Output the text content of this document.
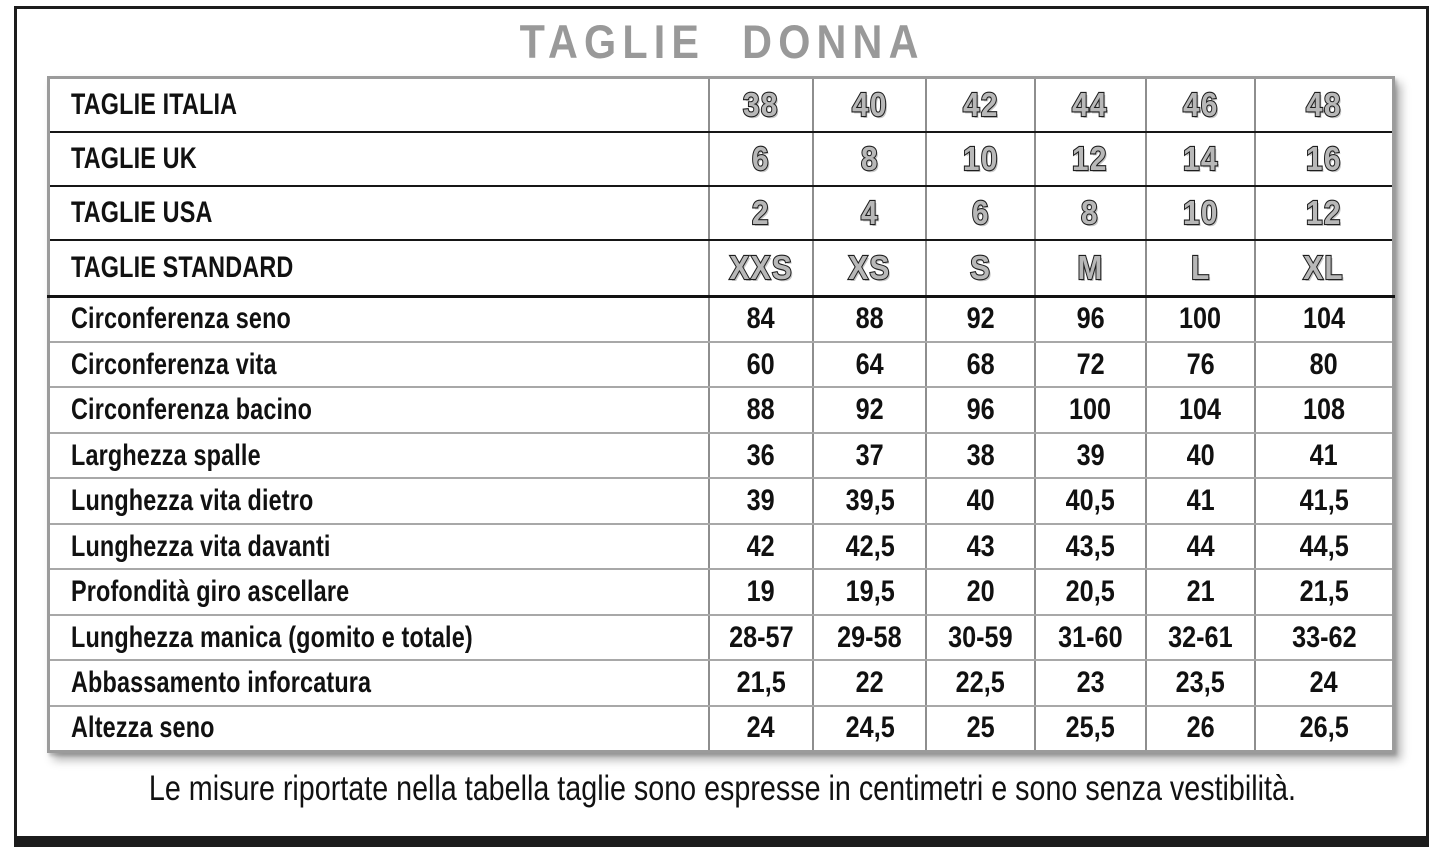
TAGLIE DONNA
TAGLIE ITALIA	38	40	42	44	46	48
TAGLIE UK	6	8	10	12	14	16
TAGLIE USA	2	4	6	8	10	12
TAGLIE STANDARD	XXS	XS	S	M	L	XL
Circonferenza seno	84	88	92	96	100	104
Circonferenza vita	60	64	68	72	76	80
Circonferenza bacino	88	92	96	100	104	108
Larghezza spalle	36	37	38	39	40	41
Lunghezza vita dietro	39	39,5	40	40,5	41	41,5
Lunghezza vita davanti	42	42,5	43	43,5	44	44,5
Profondità giro ascellare	19	19,5	20	20,5	21	21,5
Lunghezza manica (gomito e totale)	28-57	29-58	30-59	31-60	32-61	33-62
Abbassamento inforcatura	21,5	22	22,5	23	23,5	24
Altezza seno	24	24,5	25	25,5	26	26,5

Le misure riportate nella tabella taglie sono espresse in centimetri e sono senza vestibilità.
